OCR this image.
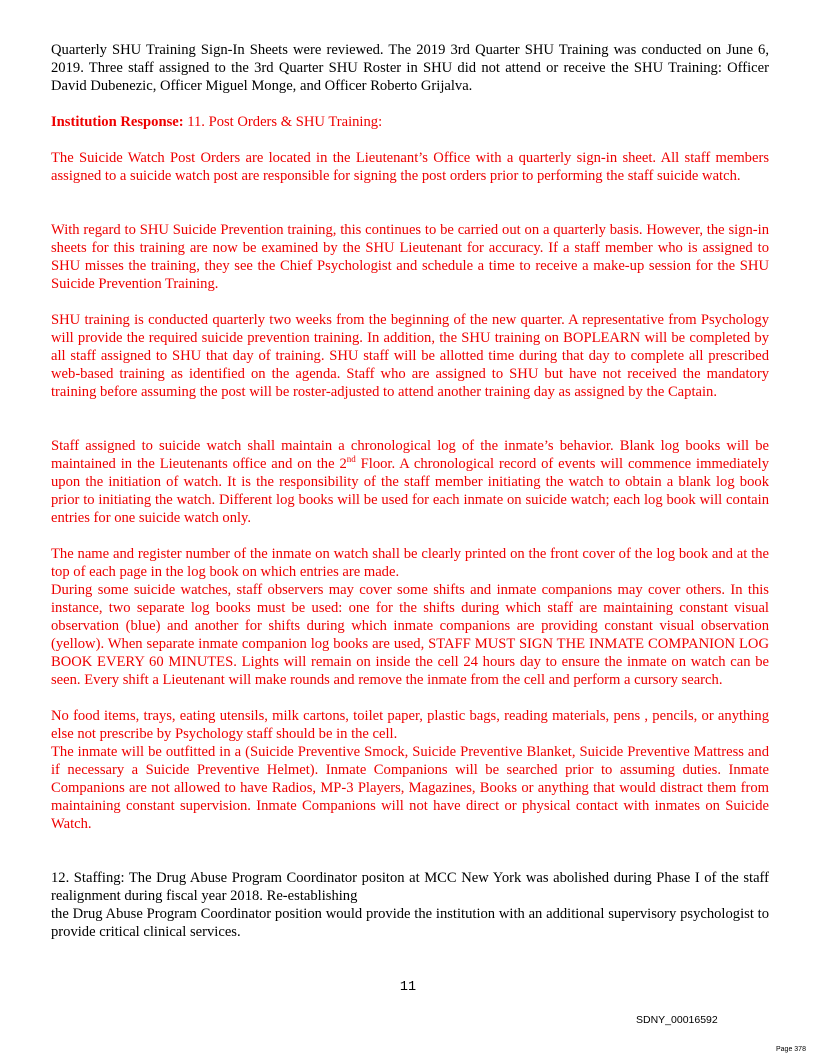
Quarterly SHU Training Sign-In Sheets were reviewed. The 2019 3rd Quarter SHU Training was conducted on June 6, 2019. Three staff assigned to the 3rd Quarter SHU Roster in SHU did not attend or receive the SHU Training: Officer David Dubenezic, Officer Miguel Monge, and Officer Roberto Grijalva.

Institution Response: 11. Post Orders & SHU Training:

The Suicide Watch Post Orders are located in the Lieutenant’s Office with a quarterly sign-in sheet. All staff members assigned to a suicide watch post are responsible for signing the post orders prior to performing the staff suicide watch.

With regard to SHU Suicide Prevention training, this continues to be carried out on a quarterly basis. However, the sign-in sheets for this training are now be examined by the SHU Lieutenant for accuracy. If a staff member who is assigned to SHU misses the training, they see the Chief Psychologist and schedule a time to receive a make-up session for the SHU Suicide Prevention Training.

SHU training is conducted quarterly two weeks from the beginning of the new quarter. A representative from Psychology will provide the required suicide prevention training. In addition, the SHU training on BOPLEARN will be completed by all staff assigned to SHU that day of training. SHU staff will be allotted time during that day to complete all prescribed web-based training as identified on the agenda. Staff who are assigned to SHU but have not received the mandatory training before assuming the post will be roster-adjusted to attend another training day as assigned by the Captain.

Staff assigned to suicide watch shall maintain a chronological log of the inmate’s behavior. Blank log books will be maintained in the Lieutenants office and on the 2nd Floor. A chronological record of events will commence immediately upon the initiation of watch. It is the responsibility of the staff member initiating the watch to obtain a blank log book prior to initiating the watch. Different log books will be used for each inmate on suicide watch; each log book will contain entries for one suicide watch only.

The name and register number of the inmate on watch shall be clearly printed on the front cover of the log book and at the top of each page in the log book on which entries are made.

During some suicide watches, staff observers may cover some shifts and inmate companions may cover others. In this instance, two separate log books must be used: one for the shifts during which staff are maintaining constant visual observation (blue) and another for shifts during which inmate companions are providing constant visual observation (yellow). When separate inmate companion log books are used, STAFF MUST SIGN THE INMATE COMPANION LOG BOOK EVERY 60 MINUTES. Lights will remain on inside the cell 24 hours day to ensure the inmate on watch can be seen. Every shift a Lieutenant will make rounds and remove the inmate from the cell and perform a cursory search.

No food items, trays, eating utensils, milk cartons, toilet paper, plastic bags, reading materials, pens , pencils, or anything else not prescribe by Psychology staff should be in the cell.

The inmate will be outfitted in a (Suicide Preventive Smock, Suicide Preventive Blanket, Suicide Preventive Mattress and if necessary a Suicide Preventive Helmet). Inmate Companions will be searched prior to assuming duties. Inmate Companions are not allowed to have Radios, MP-3 Players, Magazines, Books or anything that would distract them from maintaining constant supervision. Inmate Companions will not have direct or physical contact with inmates on Suicide Watch.

12. Staffing: The Drug Abuse Program Coordinator positon at MCC New York was abolished during Phase I of the staff realignment during fiscal year 2018. Re-establishing

the Drug Abuse Program Coordinator position would provide the institution with an additional supervisory psychologist to provide critical clinical services.

11
SDNY_00016592
Page 378
